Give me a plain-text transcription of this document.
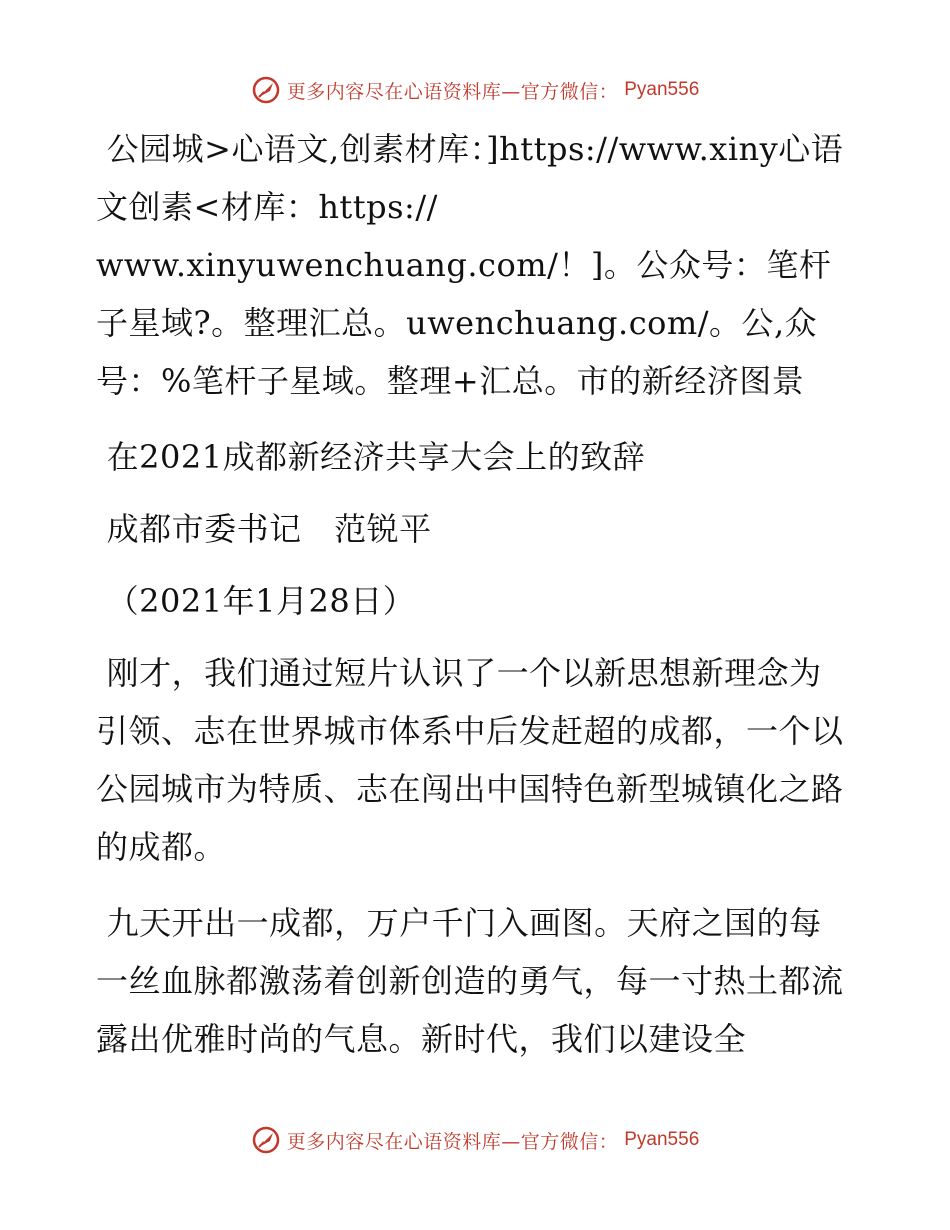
更多内容尽在心语资料库—官方微信： Pyan556

公园城>心语文,创素材库：]https://www.xiny心语文创素<材库：https://
www.xinyuwenchuang.com/！]。公众号：笔杆子星域?。整理汇总。uwenchuang.com/。公,众号：%笔杆子星域。整理+汇总。市的新经济图景

在2021成都新经济共享大会上的致辞

成都市委书记　范锐平

（2021年1月28日）

刚才，我们通过短片认识了一个以新思想新理念为引领、志在世界城市体系中后发赶超的成都，一个以公园城市为特质、志在闯出中国特色新型城镇化之路的成都。

九天开出一成都，万户千门入画图。天府之国的每一丝血脉都激荡着创新创造的勇气，每一寸热土都流露出优雅时尚的气息。新时代，我们以建设全

更多内容尽在心语资料库—官方微信： Pyan556
